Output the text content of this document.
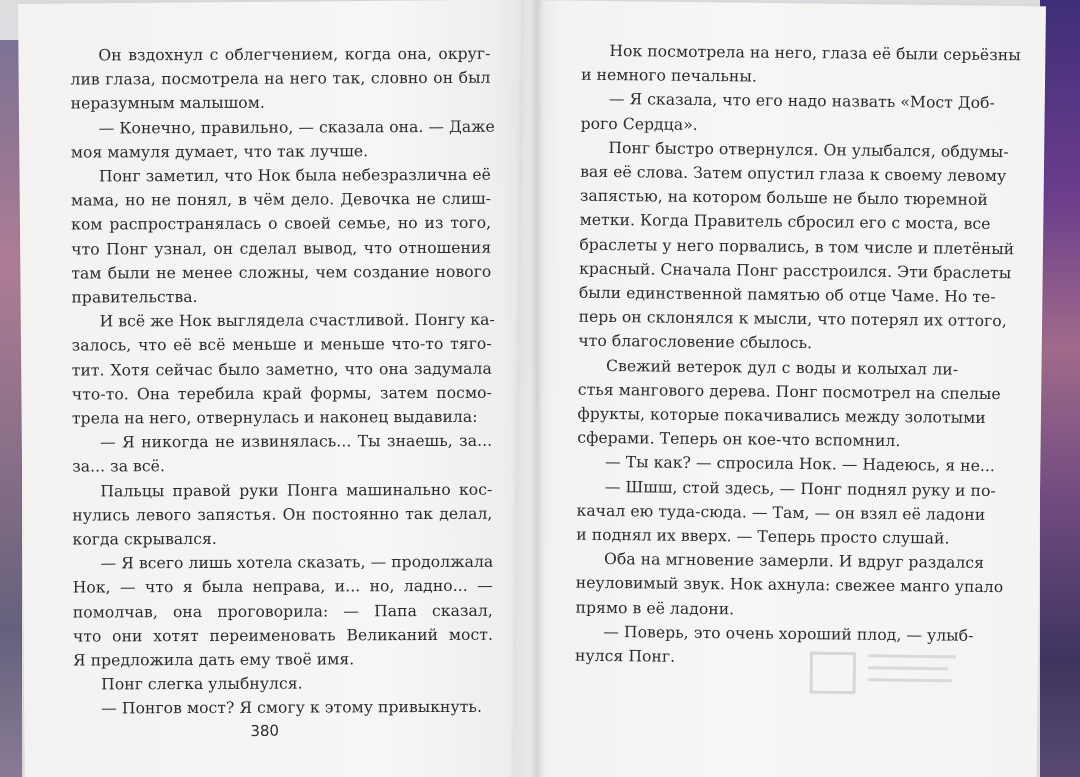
Он вздохнул с облегчением, когда она, округ-
лив глаза, посмотрела на него так, словно он был
неразумным малышом.
— Конечно, правильно, — сказала она. — Даже
моя мамуля думает, что так лучше.
Понг заметил, что Нок была небезразлична её
мама, но не понял, в чём дело. Девочка не слиш-
ком распространялась о своей семье, но из того,
что Понг узнал, он сделал вывод, что отношения
там были не менее сложны, чем создание нового
правительства.
И всё же Нок выглядела счастливой. Понгу ка-
залось, что её всё меньше и меньше что-то тяго-
тит. Хотя сейчас было заметно, что она задумала
что-то. Она теребила край формы, затем посмо-
трела на него, отвернулась и наконец выдавила:
— Я никогда не извинялась... Ты знаешь, за...
за... за всё.
Пальцы правой руки Понга машинально кос-
нулись левого запястья. Он постоянно так делал,
когда скрывался.
— Я всего лишь хотела сказать, — продолжала
Нок, — что я была неправа, и... но, ладно... —
помолчав, она проговорила: — Папа сказал,
что они хотят переименовать Великаний мост.
Я предложила дать ему твоё имя.
Понг слегка улыбнулся.
— Понгов мост? Я смогу к этому привыкнуть.
380
Нок посмотрела на него, глаза её были серьёзны
и немного печальны.
— Я сказала, что его надо назвать «Мост Доб-
рого Сердца».
Понг быстро отвернулся. Он улыбался, обдумы-
вая её слова. Затем опустил глаза к своему левому
запястью, на котором больше не было тюремной
метки. Когда Правитель сбросил его с моста, все
браслеты у него порвались, в том числе и плетёный
красный. Сначала Понг расстроился. Эти браслеты
были единственной памятью об отце Чаме. Но те-
перь он склонялся к мысли, что потерял их оттого,
что благословение сбылось.
Свежий ветерок дул с воды и колыхал ли-
стья мангового дерева. Понг посмотрел на спелые
фрукты, которые покачивались между золотыми
сферами. Теперь он кое-что вспомнил.
— Ты как? — спросила Нок. — Надеюсь, я не...
— Шшш, стой здесь, — Понг поднял руку и по-
качал ею туда-сюда. — Там, — он взял её ладони
и поднял их вверх. — Теперь просто слушай.
Оба на мгновение замерли. И вдруг раздался
неуловимый звук. Нок ахнула: свежее манго упало
прямо в её ладони.
— Поверь, это очень хороший плод, — улыб-
нулся Понг.
